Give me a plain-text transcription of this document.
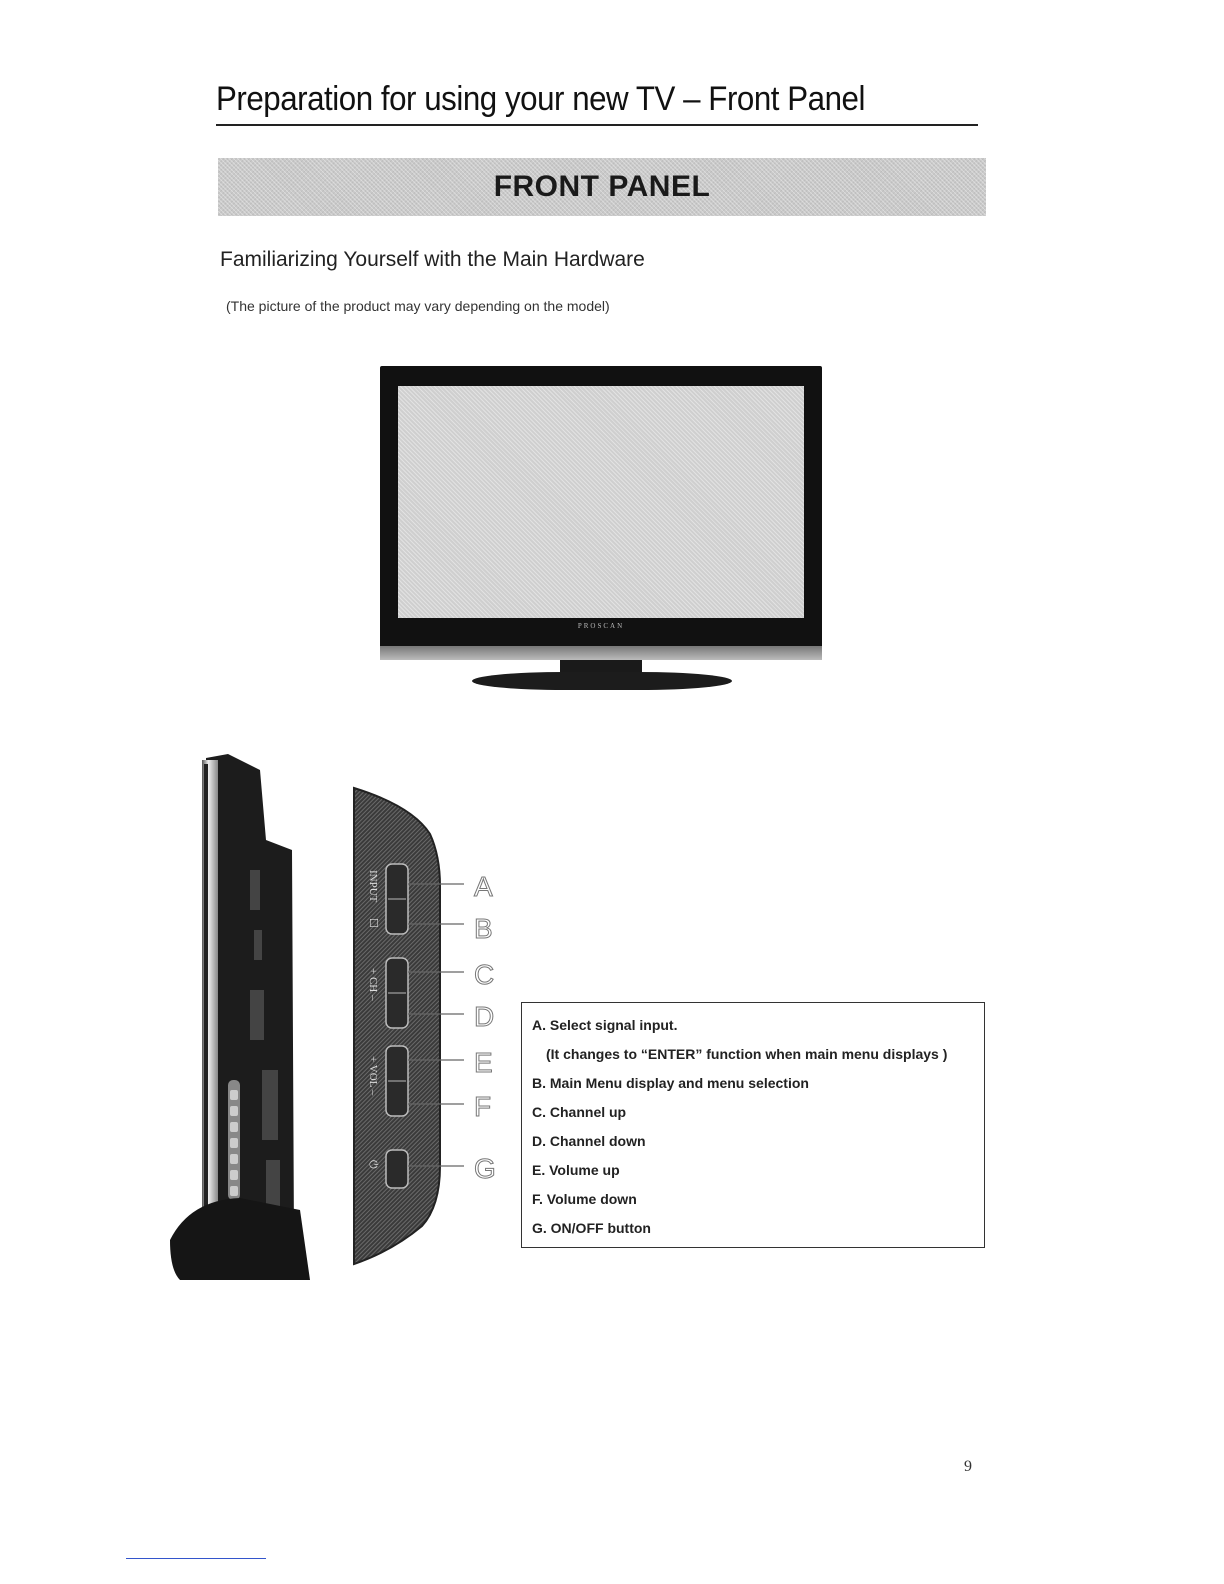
Preparation for using your new TV – Front Panel
FRONT PANEL
Familiarizing Yourself with the Main Hardware
(The picture of the product may vary depending on the model)
PROSCAN
INPUT
☐
+ CH –
+ VOL –
⏻
A
B
C
D
E
F
G
A. Select signal input.
(It changes to “ENTER” function when main menu displays )
B. Main Menu display and menu selection
C. Channel up
D. Channel down
E. Volume up
F. Volume down
G. ON/OFF button
9
